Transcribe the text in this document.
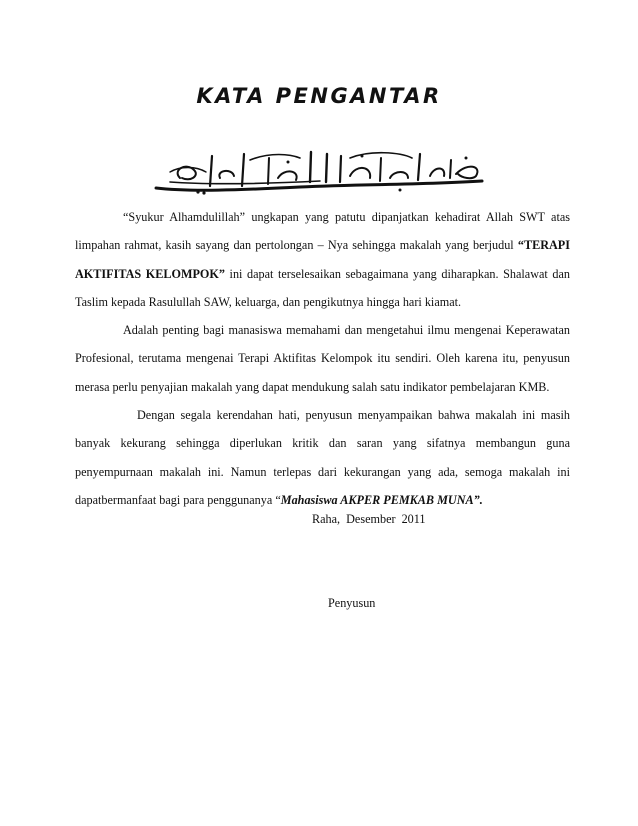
KATA PENGANTAR

“Syukur Alhamdulillah” ungkapan yang patutu dipanjatkan kehadirat Allah SWT atas limpahan rahmat, kasih sayang dan pertolongan – Nya sehingga makalah yang berjudul “TERAPI AKTIFITAS KELOMPOK” ini dapat terselesaikan sebagaimana yang diharapkan. Shalawat dan Taslim kepada Rasulullah SAW, keluarga, dan pengikutnya hingga hari kiamat.

Adalah penting bagi manasiswa memahami dan mengetahui ilmu mengenai Keperawatan Profesional, terutama mengenai Terapi Aktifitas Kelompok itu sendiri. Oleh karena itu, penyusun merasa perlu penyajian makalah yang dapat mendukung salah satu indikator pembelajaran KMB.

Dengan segala kerendahan hati, penyusun menyampaikan bahwa makalah ini masih banyak kekurang sehingga diperlukan kritik dan saran yang sifatnya membangun guna penyempurnaan makalah ini. Namun terlepas dari kekurangan yang ada, semoga makalah ini dapatbermanfaat bagi para penggunanya “Mahasiswa AKPER PEMKAB MUNA”.

Raha, Desember 2011
Penyusun
